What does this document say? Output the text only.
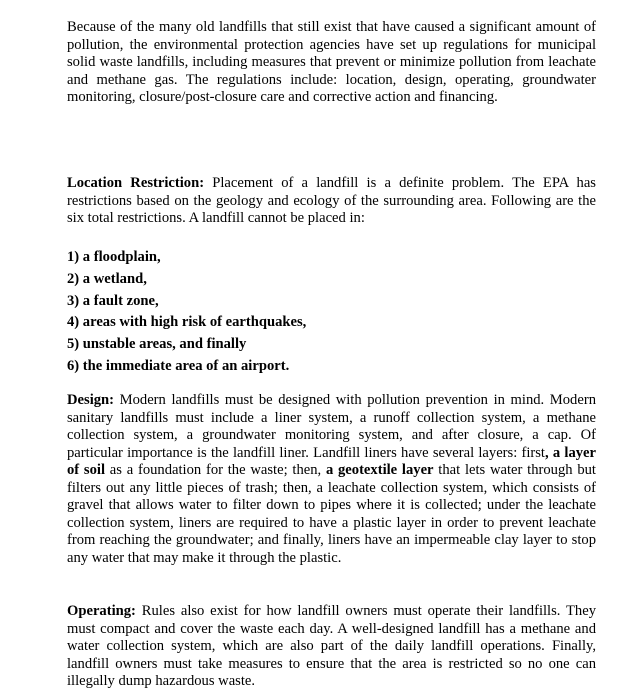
Because of the many old landfills that still exist that have caused a significant amount of pollution, the environmental protection agencies have set up regulations for municipal solid waste landfills, including measures that prevent or minimize pollution from leachate and methane gas. The regulations include: location, design, operating, groundwater monitoring, closure/post-closure care and corrective action and financing.

Location Restriction: Placement of a landfill is a definite problem. The EPA has restrictions based on the geology and ecology of the surrounding area. Following are the six total restrictions. A landfill cannot be placed in:

1) a floodplain,
2) a wetland,
3) a fault zone,
4) areas with high risk of earthquakes,
5) unstable areas, and finally
6) the immediate area of an airport.

Design: Modern landfills must be designed with pollution prevention in mind. Modern sanitary landfills must include a liner system, a runoff collection system, a methane collection system, a groundwater monitoring system, and after closure, a cap. Of particular importance is the landfill liner. Landfill liners have several layers: first, a layer of soil as a foundation for the waste; then, a geotextile layer that lets water through but filters out any little pieces of trash; then, a leachate collection system, which consists of gravel that allows water to filter down to pipes where it is collected; under the leachate collection system, liners are required to have a plastic layer in order to prevent leachate from reaching the groundwater; and finally, liners have an impermeable clay layer to stop any water that may make it through the plastic.

Operating: Rules also exist for how landfill owners must operate their landfills. They must compact and cover the waste each day. A well-designed landfill has a methane and water collection system, which are also part of the daily landfill operations. Finally, landfill owners must take measures to ensure that the area is restricted so no one can illegally dump hazardous waste.
